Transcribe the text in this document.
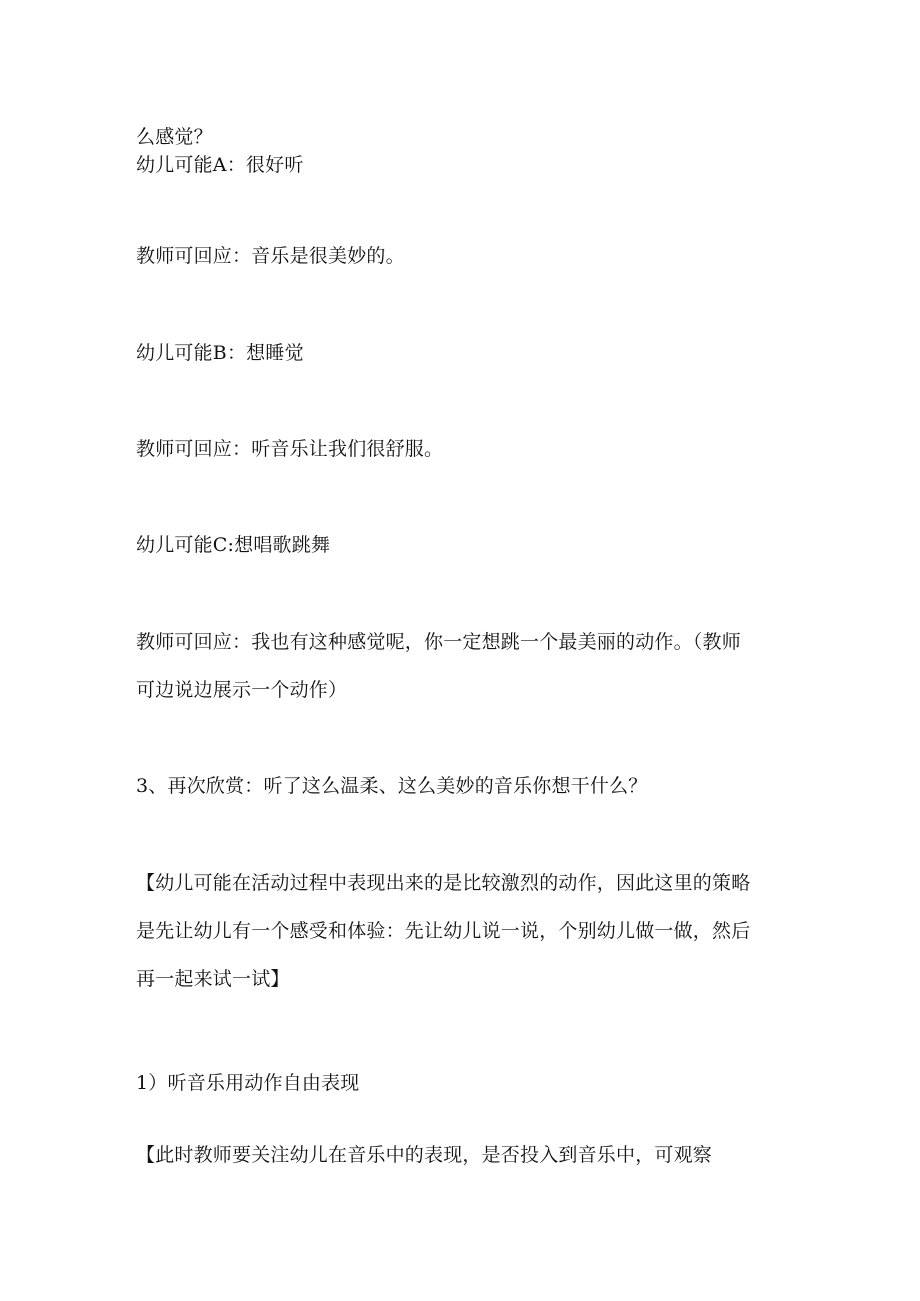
么感觉？
幼儿可能A：很好听
教师可回应：音乐是很美妙的。
幼儿可能B：想睡觉
教师可回应：听音乐让我们很舒服。
幼儿可能C:想唱歌跳舞
教师可回应：我也有这种感觉呢，你一定想跳一个最美丽的动作。（教师
可边说边展示一个动作）
3、再次欣赏：听了这么温柔、这么美妙的音乐你想干什么？
【幼儿可能在活动过程中表现出来的是比较激烈的动作，因此这里的策略
是先让幼儿有一个感受和体验：先让幼儿说一说，个别幼儿做一做，然后
再一起来试一试】
1）听音乐用动作自由表现
【此时教师要关注幼儿在音乐中的表现，是否投入到音乐中，可观察
